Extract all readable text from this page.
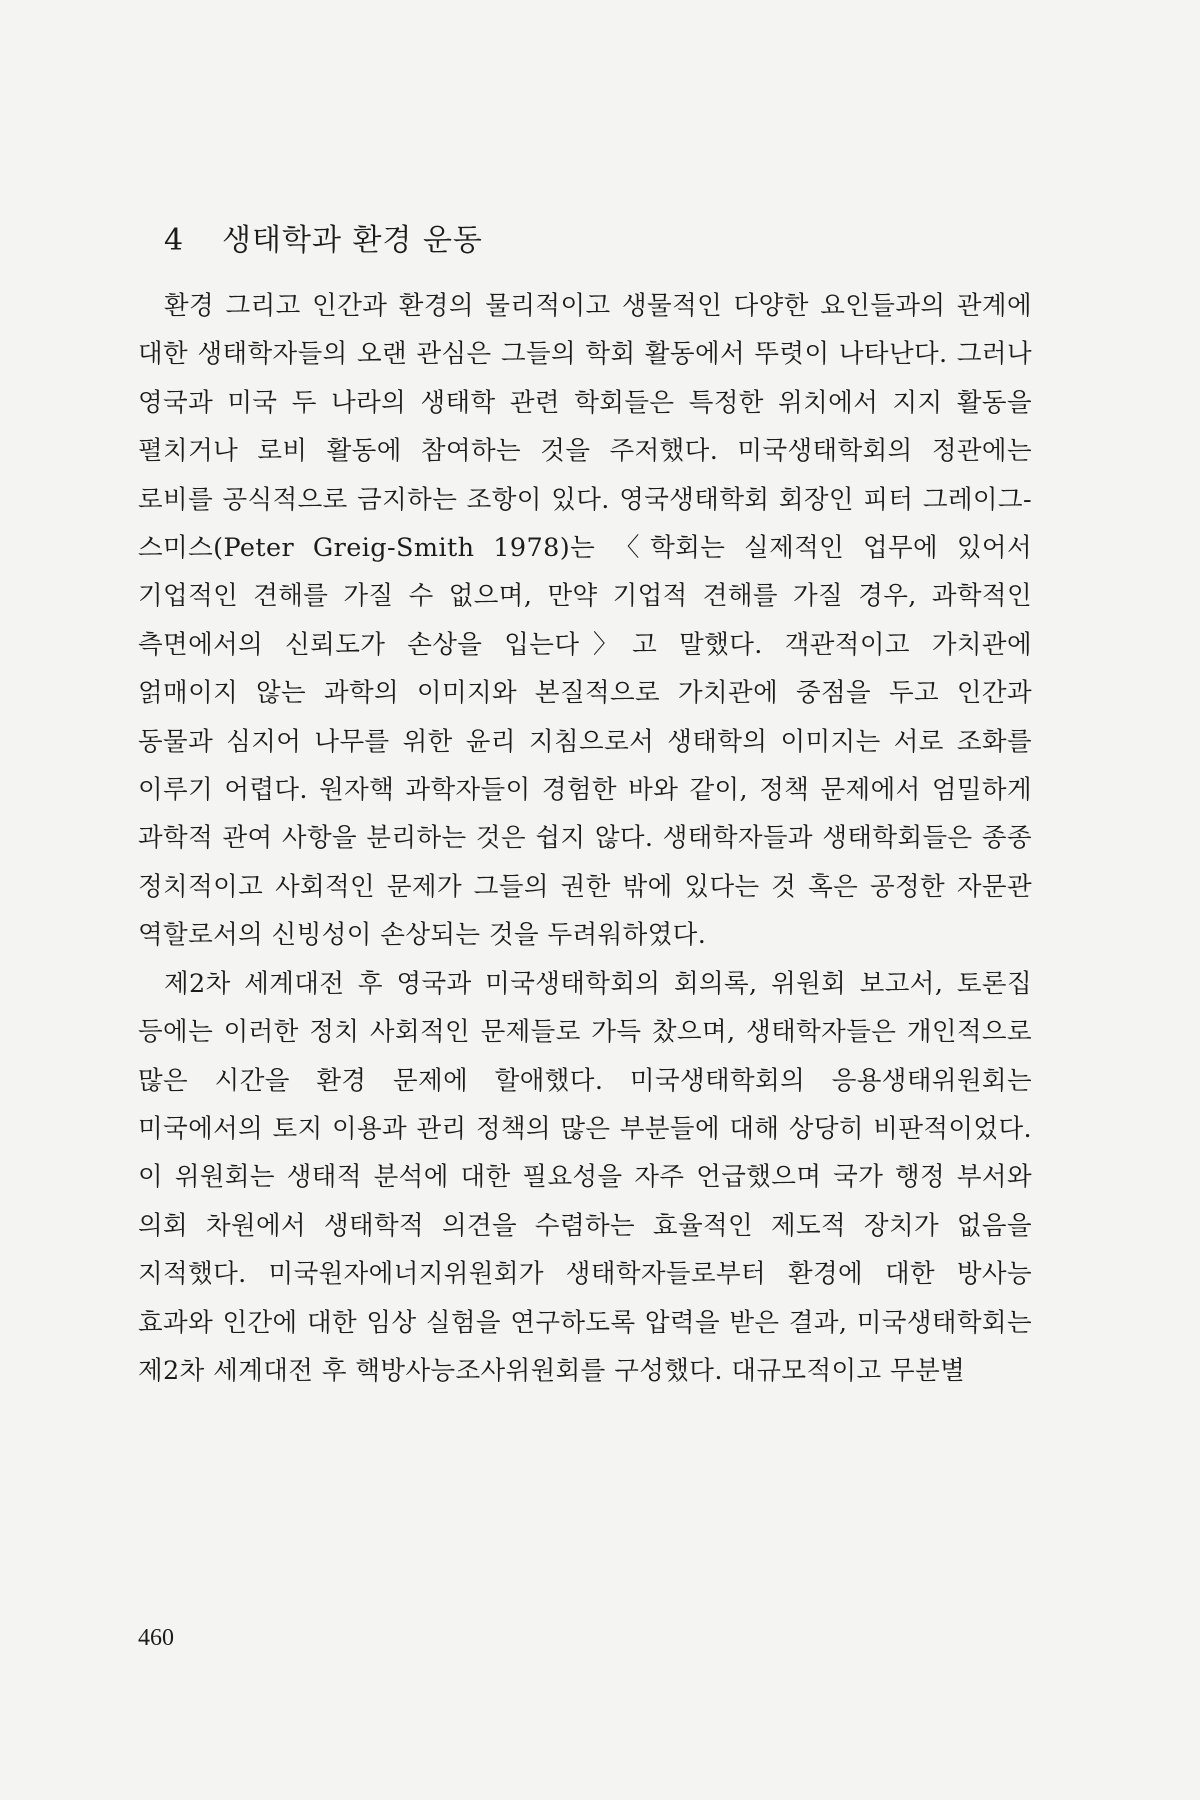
4 생태학과 환경 운동

환경 그리고 인간과 환경의 물리적이고 생물적인 다양한 요인들과의 관계에 대한 생태학자들의 오랜 관심은 그들의 학회 활동에서 뚜렷이 나타난다. 그러나 영국과 미국 두 나라의 생태학 관련 학회들은 특정한 위치에서 지지 활동을 펼치거나 로비 활동에 참여하는 것을 주저했다. 미국생태학회의 정관에는 로비를 공식적으로 금지하는 조항이 있다. 영국생태학회 회장인 피터 그레이그-스미스(Peter Greig-Smith 1978)는 〈학회는 실제적인 업무에 있어서 기업적인 견해를 가질 수 없으며, 만약 기업적 견해를 가질 경우, 과학적인 측면에서의 신뢰도가 손상을 입는다〉고 말했다. 객관적이고 가치관에 얽매이지 않는 과학의 이미지와 본질적으로 가치관에 중점을 두고 인간과 동물과 심지어 나무를 위한 윤리 지침으로서 생태학의 이미지는 서로 조화를 이루기 어렵다. 원자핵 과학자들이 경험한 바와 같이, 정책 문제에서 엄밀하게 과학적 관여 사항을 분리하는 것은 쉽지 않다. 생태학자들과 생태학회들은 종종 정치적이고 사회적인 문제가 그들의 권한 밖에 있다는 것 혹은 공정한 자문관 역할로서의 신빙성이 손상되는 것을 두려워하였다.

제2차 세계대전 후 영국과 미국생태학회의 회의록, 위원회 보고서, 토론집 등에는 이러한 정치 사회적인 문제들로 가득 찼으며, 생태학자들은 개인적으로 많은 시간을 환경 문제에 할애했다. 미국생태학회의 응용생태위원회는 미국에서의 토지 이용과 관리 정책의 많은 부분들에 대해 상당히 비판적이었다. 이 위원회는 생태적 분석에 대한 필요성을 자주 언급했으며 국가 행정 부서와 의회 차원에서 생태학적 의견을 수렴하는 효율적인 제도적 장치가 없음을 지적했다. 미국원자에너지위원회가 생태학자들로부터 환경에 대한 방사능 효과와 인간에 대한 임상 실험을 연구하도록 압력을 받은 결과, 미국생태학회는 제2차 세계대전 후 핵방사능조사위원회를 구성했다. 대규모적이고 무분별

460
